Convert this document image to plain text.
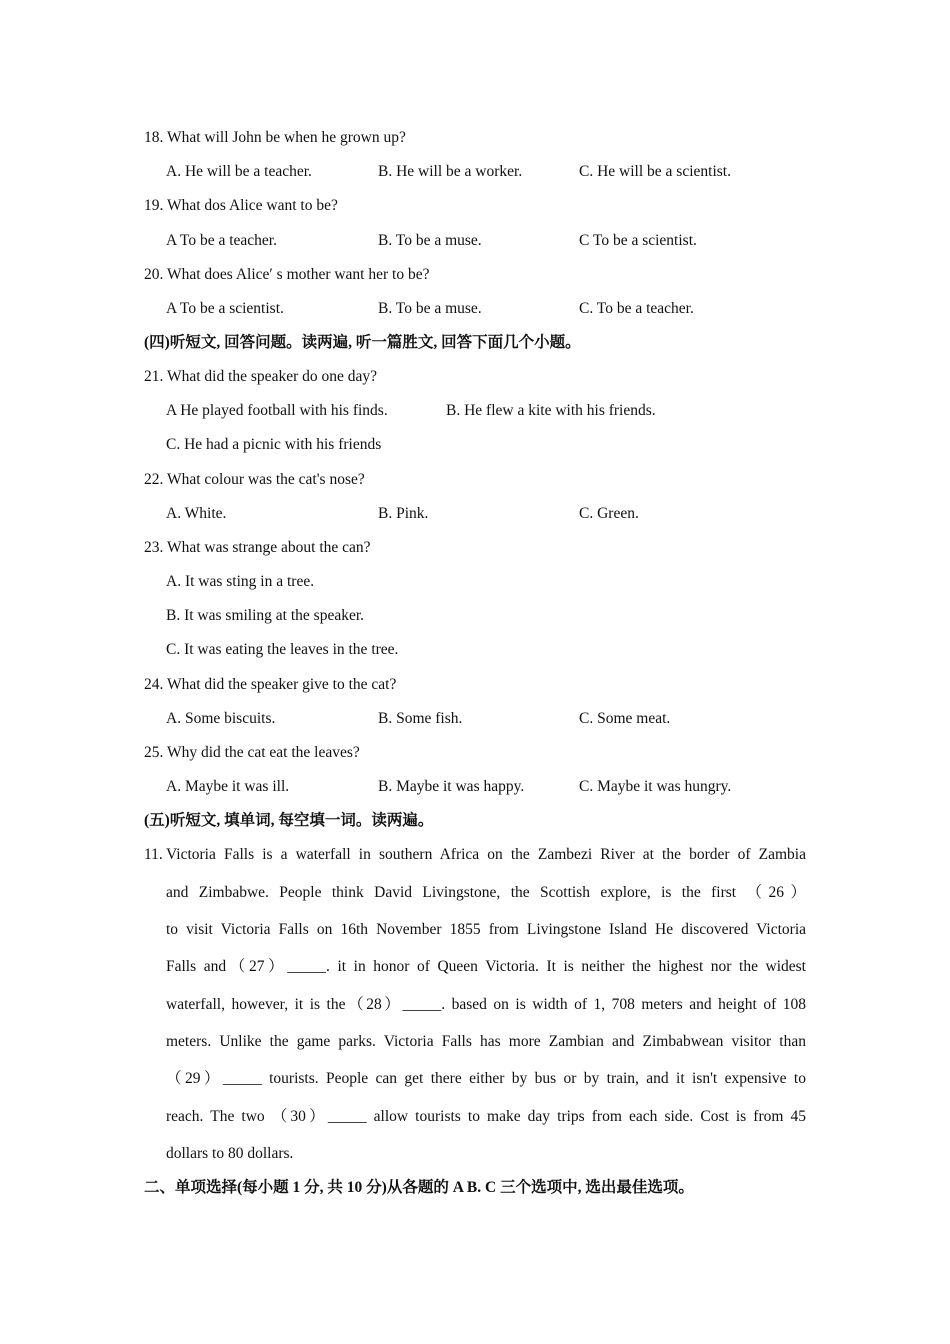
18. What will John be when he grown up?
A. He will be a teacher.	B. He will be a worker.	C. He will be a scientist.
19. What dos Alice want to be?
A To be a teacher.	B. To be a muse.	C To be a scientist.
20. What does Alice′ s mother want her to be?
A To be a scientist.	B. To be a muse.	C. To be a teacher.
(四)听短文, 回答问题。读两遍, 听一篇胜文, 回答下面几个小题。
21. What did the speaker do one day?
A He played football with his finds.	B. He flew a kite with his friends.
C. He had a picnic with his friends
22. What colour was the cat's nose?
A. White.	B. Pink.	C. Green.
23. What was strange about the can?
A. It was sting in a tree.
B. It was smiling at the speaker.
C. It was eating the leaves in the tree.
24. What did the speaker give to the cat?
A. Some biscuits.	B. Some fish.	C. Some meat.
25. Why did the cat eat the leaves?
A. Maybe it was ill.	B. Maybe it was happy.	C. Maybe it was hungry.
(五)听短文, 填单词, 每空填一词。读两遍。
11. Victoria Falls is a waterfall in southern Africa on the Zambezi River at the border of Zambia
and Zimbabwe. People think David Livingstone, the Scottish explore, is the first （26）
to visit Victoria Falls on 16th November 1855 from Livingstone Island He discovered Victoria
Falls and（27）_____. it in honor of Queen Victoria. It is neither the highest nor the widest
waterfall, however, it is the（28）_____. based on is width of 1, 708 meters and height of 108
meters. Unlike the game parks. Victoria Falls has more Zambian and Zimbabwean visitor than
（29）_____ tourists. People can get there either by bus or by train, and it isn't expensive to
reach. The two （30）_____ allow tourists to make day trips from each side. Cost is from 45
dollars to 80 dollars.
二、单项选择(每小题 1 分, 共 10 分)从各题的 A B. C 三个选项中, 选出最佳选项。
